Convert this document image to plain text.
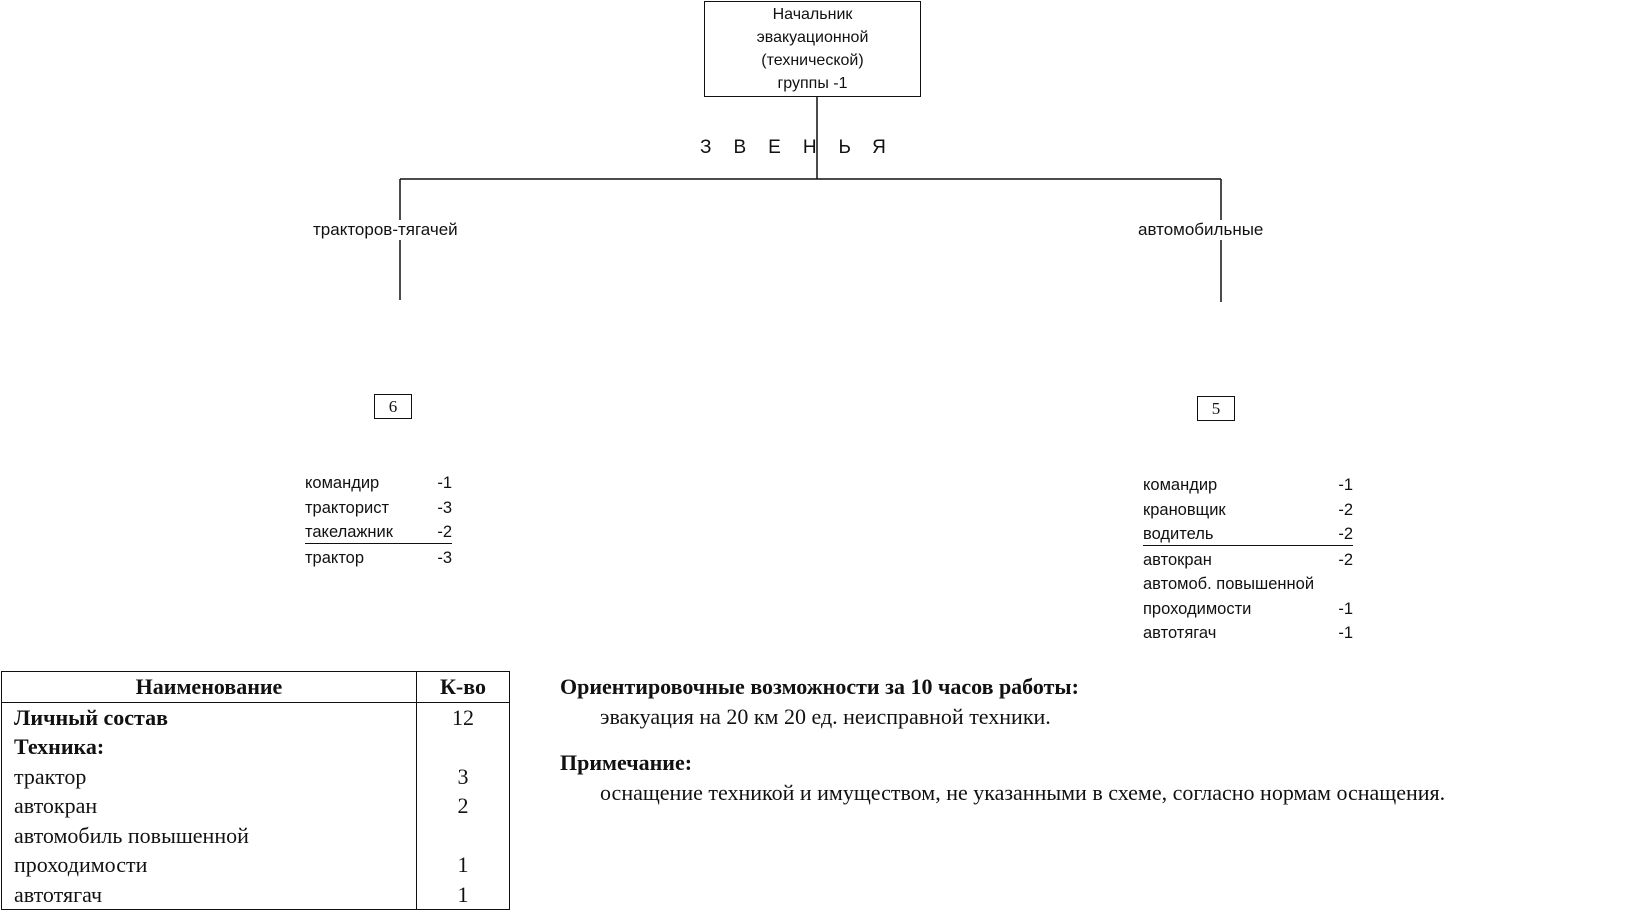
Начальник
эвакуационной
(технической)
группы -1
ЗВЕНЬЯ
тракторов-тягачей	автомобильные
6	5
командир	-1
тракторист	-3
такелажник	-2
трактор	-3
командир	-1
крановщик	-2
водитель	-2
автокран	-2
автомоб. повышенной
проходимости	-1
автотягач	-1
Наименование	К-во
Личный состав	12
Техника:	
трактор	3
автокран	2
автомобиль повышенной	
проходимости	1
автотягач	1
Ориентировочные возможности за 10 часов работы:
эвакуация на 20 км 20 ед. неисправной техники.
Примечание:
оснащение техникой и имуществом, не указанными в схеме, согласно нормам оснащения.
